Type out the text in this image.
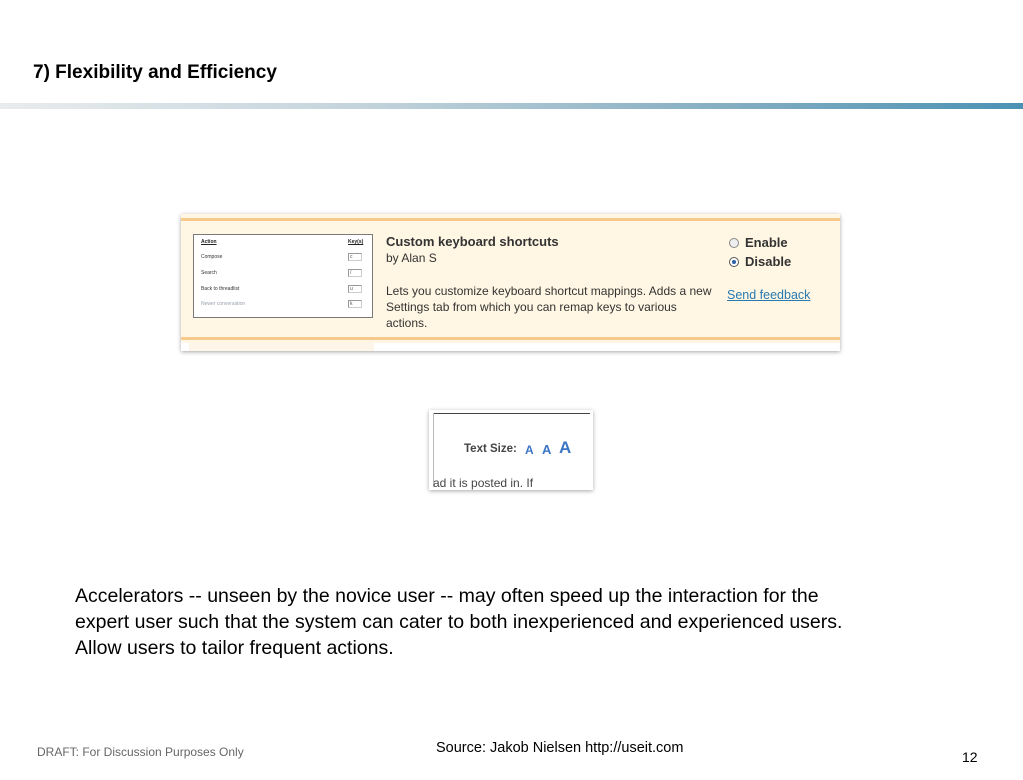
7) Flexibility and Efficiency
Action	Key(s)
Compose	c
Search	/
Back to threadlist	u
Newer conversation	k
Custom keyboard shortcuts
by Alan S
Lets you customize keyboard shortcut mappings. Adds a new Settings tab from which you can remap keys to various actions.
Enable
Disable
Send feedback
Text Size: A A A
ad it is posted in. If

Accelerators -- unseen by the novice user -- may often speed up the interaction for the

expert user such that the system can cater to both inexperienced and experienced users.

Allow users to tailor frequent actions.

DRAFT: For Discussion Purposes Only	Source: Jakob Nielsen http://useit.com
12
